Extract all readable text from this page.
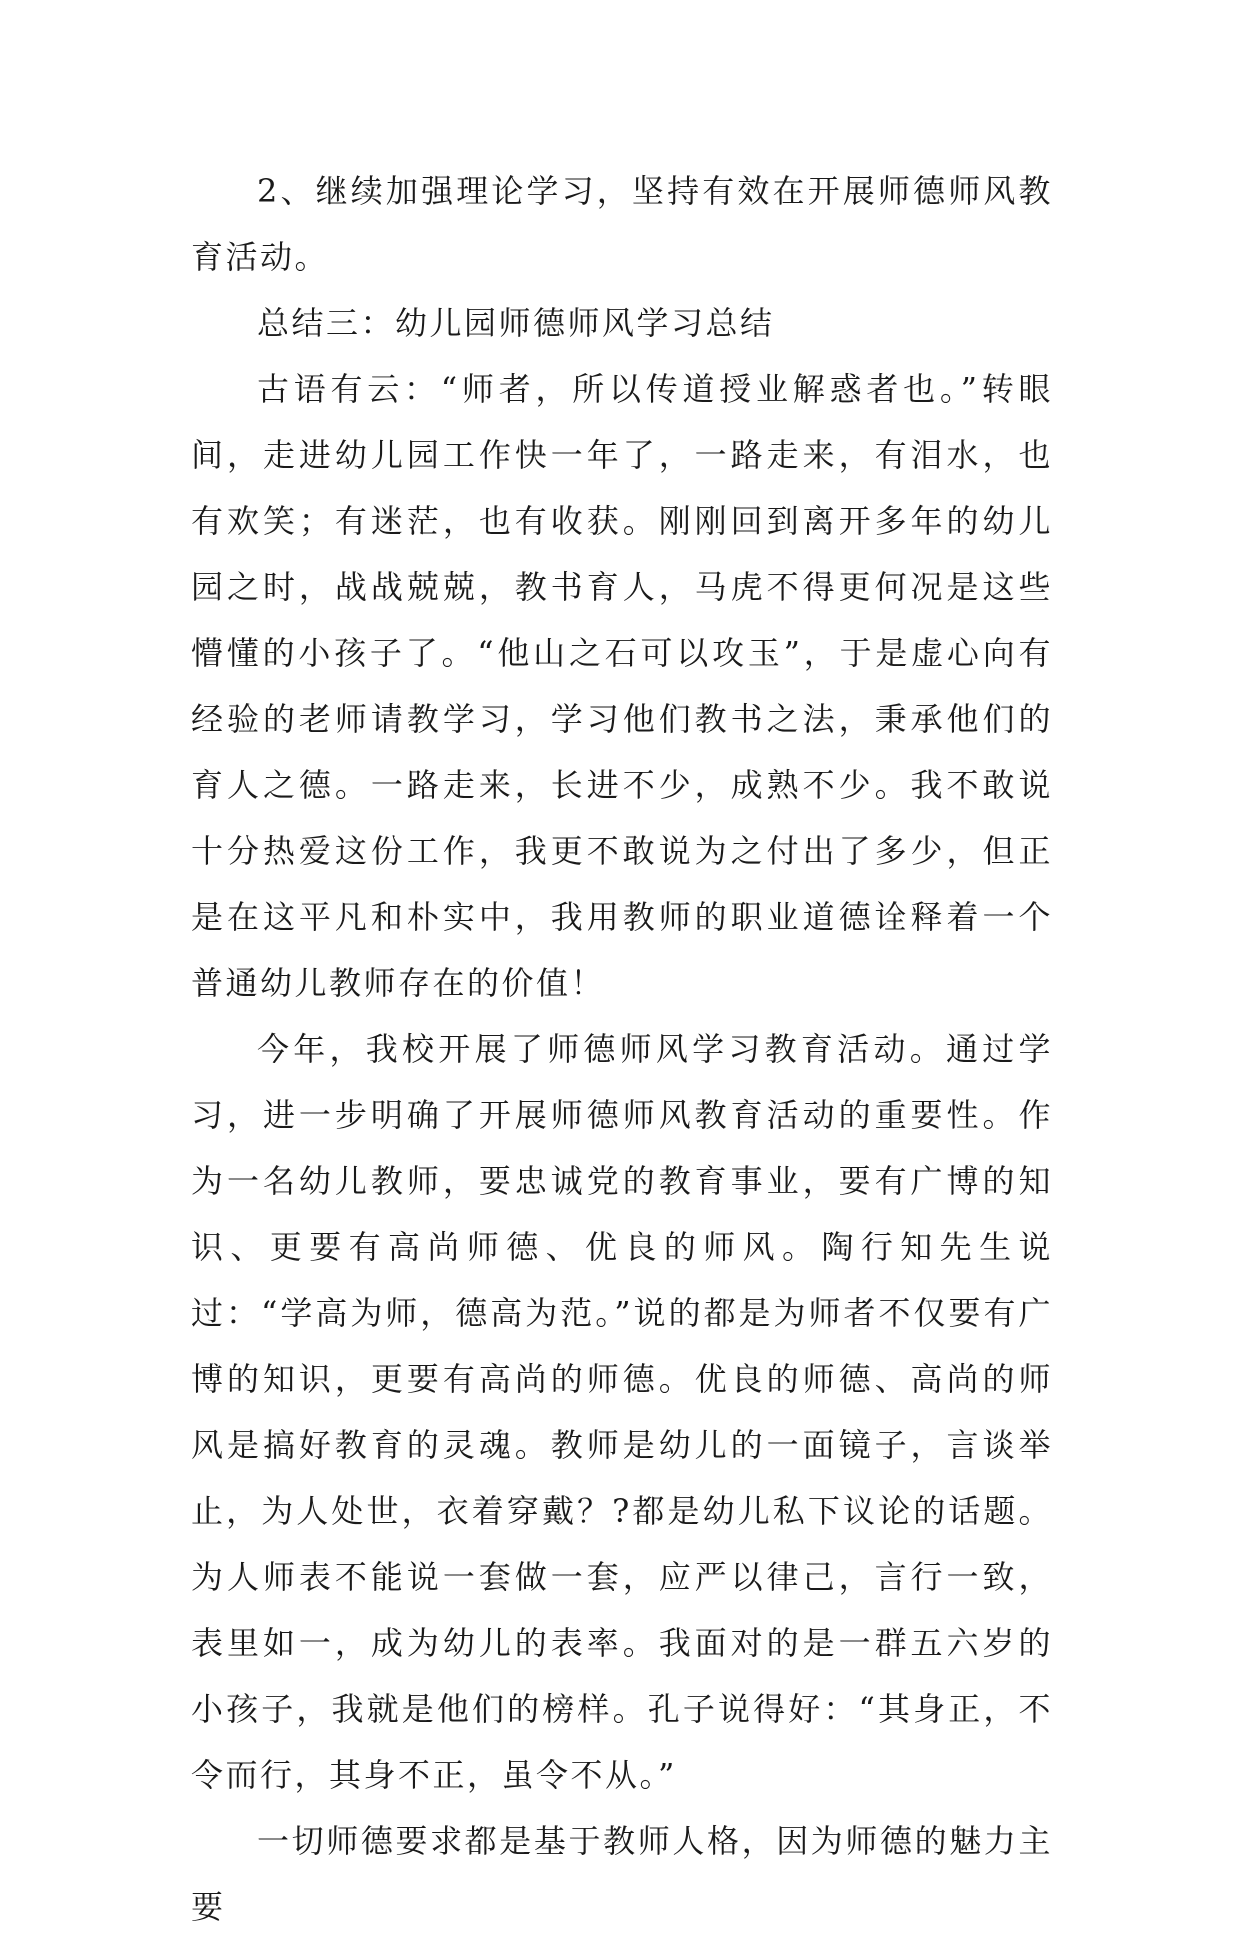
2、继续加强理论学习，坚持有效在开展师德师风教育活动。

总结三：幼儿园师德师风学习总结

古语有云：“师者，所以传道授业解惑者也。”转眼间，走进幼儿园工作快一年了，一路走来，有泪水，也有欢笑；有迷茫，也有收获。刚刚回到离开多年的幼儿园之时，战战兢兢，教书育人，马虎不得更何况是这些懵懂的小孩子了。“他山之石可以攻玉”，于是虚心向有经验的老师请教学习，学习他们教书之法，秉承他们的育人之德。一路走来，长进不少，成熟不少。我不敢说十分热爱这份工作，我更不敢说为之付出了多少，但正是在这平凡和朴实中，我用教师的职业道德诠释着一个普通幼儿教师存在的价值！

今年，我校开展了师德师风学习教育活动。通过学习，进一步明确了开展师德师风教育活动的重要性。作为一名幼儿教师，要忠诚党的教育事业，要有广博的知识、更要有高尚师德、优良的师风。陶行知先生说过：“学高为师，德高为范。”说的都是为师者不仅要有广博的知识，更要有高尚的师德。优良的师德、高尚的师风是搞好教育的灵魂。教师是幼儿的一面镜子，言谈举止，为人处世，衣着穿戴？?都是幼儿私下议论的话题。为人师表不能说一套做一套，应严以律己，言行一致，表里如一，成为幼儿的表率。我面对的是一群五六岁的小孩子，我就是他们的榜样。孔子说得好：“其身正，不令而行，其身不正，虽令不从。”

一切师德要求都是基于教师人格，因为师德的魅力主要
